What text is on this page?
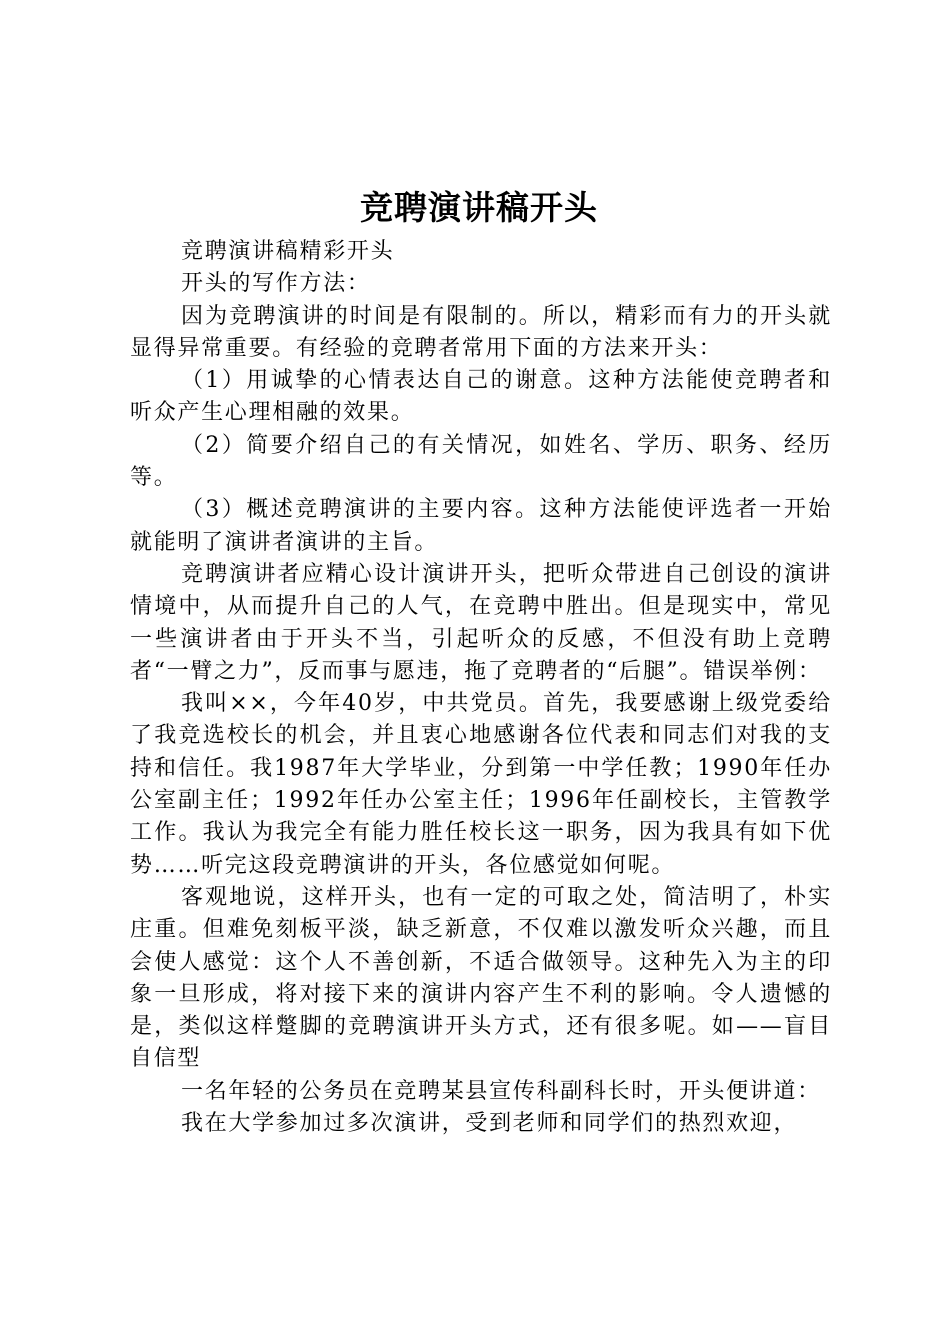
竞聘演讲稿开头

竞聘演讲稿精彩开头

开头的写作方法：

因为竞聘演讲的时间是有限制的。所以，精彩而有力的开头就显得异常重要。有经验的竞聘者常用下面的方法来开头：

（1）用诚挚的心情表达自己的谢意。这种方法能使竞聘者和听众产生心理相融的效果。

（2）简要介绍自己的有关情况，如姓名、学历、职务、经历等。

（3）概述竞聘演讲的主要内容。这种方法能使评选者一开始就能明了演讲者演讲的主旨。

竞聘演讲者应精心设计演讲开头，把听众带进自己创设的演讲情境中，从而提升自己的人气，在竞聘中胜出。但是现实中，常见一些演讲者由于开头不当，引起听众的反感，不但没有助上竞聘者“一臂之力”，反而事与愿违，拖了竞聘者的“后腿”。错误举例：

我叫××，今年40岁，中共党员。首先，我要感谢上级党委给了我竞选校长的机会，并且衷心地感谢各位代表和同志们对我的支持和信任。我1987年大学毕业，分到第一中学任教；1990年任办公室副主任；1992年任办公室主任；1996年任副校长，主管教学工作。我认为我完全有能力胜任校长这一职务，因为我具有如下优势……听完这段竞聘演讲的开头，各位感觉如何呢。

客观地说，这样开头，也有一定的可取之处，简洁明了，朴实庄重。但难免刻板平淡，缺乏新意，不仅难以激发听众兴趣，而且会使人感觉：这个人不善创新，不适合做领导。这种先入为主的印象一旦形成，将对接下来的演讲内容产生不利的影响。令人遗憾的是，类似这样蹩脚的竞聘演讲开头方式，还有很多呢。如——盲目自信型

一名年轻的公务员在竞聘某县宣传科副科长时，开头便讲道：

我在大学参加过多次演讲，受到老师和同学们的热烈欢迎，
